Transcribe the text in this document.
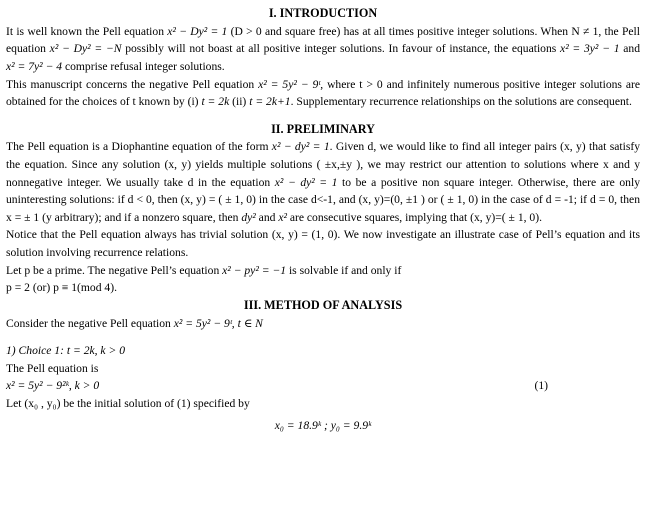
I. INTRODUCTION

It is well known the Pell equation x² − Dy² = 1 (D > 0 and square free) has at all times positive integer solutions. When N ≠ 1, the Pell equation x² − Dy² = −N possibly will not boast at all positive integer solutions. In favour of instance, the equations x² = 3y² − 1 and x² = 7y² − 4 comprise refusal integer solutions.

This manuscript concerns the negative Pell equation x² = 5y² − 9ᵗ, where t > 0 and infinitely numerous positive integer solutions are obtained for the choices of t known by (i) t = 2k (ii) t = 2k+1. Supplementary recurrence relationships on the solutions are consequent.

II. PRELIMINARY

The Pell equation is a Diophantine equation of the form x² − dy² = 1. Given d, we would like to find all integer pairs (x, y) that satisfy the equation. Since any solution (x, y) yields multiple solutions ( ±x,±y ), we may restrict our attention to solutions where x and y nonnegative integer. We usually take d in the equation x² − dy² = 1 to be a positive non square integer. Otherwise, there are only uninteresting solutions: if d < 0, then (x, y) = ( ± 1, 0) in the case d<-1, and (x, y)=(0, ±1 ) or ( ± 1, 0) in the case of d = -1; if d = 0, then x = ± 1 (y arbitrary); and if a nonzero square, then dy² and x² are consecutive squares, implying that (x, y)=( ± 1, 0).

Notice that the Pell equation always has trivial solution (x, y) = (1, 0). We now investigate an illustrate case of Pell’s equation and its solution involving recurrence relations.

Let p be a prime. The negative Pell’s equation x² − py² = −1 is solvable if and only if

p = 2 (or) p ≡ 1(mod 4).

III. METHOD OF ANALYSIS

Consider the negative Pell equation x² = 5y² − 9ᵗ, t ∈ N

1) Choice 1: t = 2k, k > 0

The Pell equation is

x² = 5y² − 9²ᵏ, k > 0	(1)

Let (x₀ , y₀) be the initial solution of (1) specified by

x₀ = 18.9ᵏ ; y₀ = 9.9ᵏ
